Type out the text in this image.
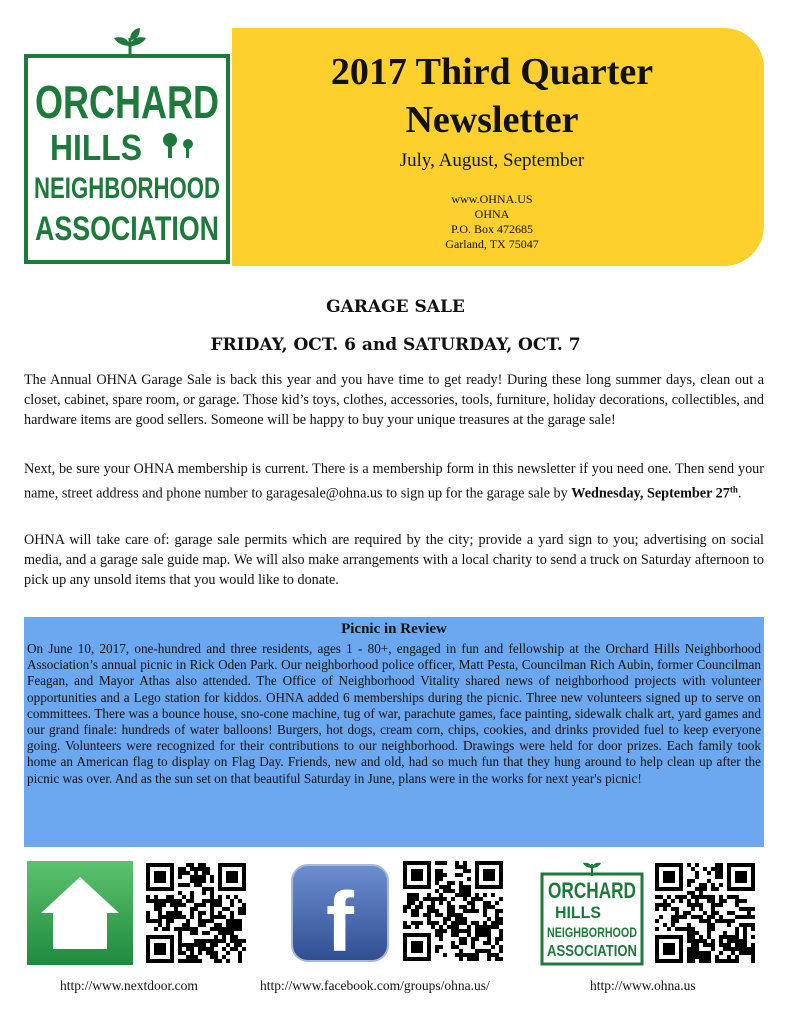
ORCHARD
HILLS
NEIGHBORHOOD
ASSOCIATION
2017 Third Quarter
Newsletter
July, August, September
www.OHNA.US
OHNA
P.O. Box 472685
Garland, TX 75047
GARAGE SALE
FRIDAY, OCT. 6 and SATURDAY, OCT. 7

The Annual OHNA Garage Sale is back this year and you have time to get ready! During these long summer days, clean out a closet, cabinet, spare room, or garage. Those kid’s toys, clothes, accessories, tools, furniture, holiday decorations, collectibles, and hardware items are good sellers. Someone will be happy to buy your unique treasures at the garage sale!

Next, be sure your OHNA membership is current. There is a membership form in this newsletter if you need one. Then send your name, street address and phone number to garagesale@ohna.us to sign up for the garage sale by Wednesday, September 27th.

OHNA will take care of: garage sale permits which are required by the city; provide a yard sign to you; advertising on social media, and a garage sale guide map. We will also make arrangements with a local charity to send a truck on Saturday afternoon to pick up any unsold items that you would like to donate.

Picnic in Review
On June 10, 2017, one-hundred and three residents, ages 1 - 80+, engaged in fun and fellowship at the Orchard Hills Neighborhood Association’s annual picnic in Rick Oden Park. Our neighborhood police officer, Matt Pesta, Councilman Rich Aubin, former Councilman Feagan, and Mayor Athas also attended. The Office of Neighborhood Vitality shared news of neighborhood projects with volunteer opportunities and a Lego station for kiddos. OHNA added 6 memberships during the picnic. Three new volunteers signed up to serve on committees. There was a bounce house, sno-cone machine, tug of war, parachute games, face painting, sidewalk chalk art, yard games and our grand finale: hundreds of water balloons! Burgers, hot dogs, cream corn, chips, cookies, and drinks provided fuel to keep everyone going. Volunteers were recognized for their contributions to our neighborhood. Drawings were held for door prizes. Each family took home an American flag to display on Flag Day. Friends, new and old, had so much fun that they hung around to help clean up after the picnic was over. And as the sun set on that beautiful Saturday in June, plans were in the works for next year's picnic!
f	ORCHARD
HILLS
NEIGHBORHOOD
ASSOCIATION
http://www.nextdoor.com	http://www.facebook.com/groups/ohna.us/	http://www.ohna.us
